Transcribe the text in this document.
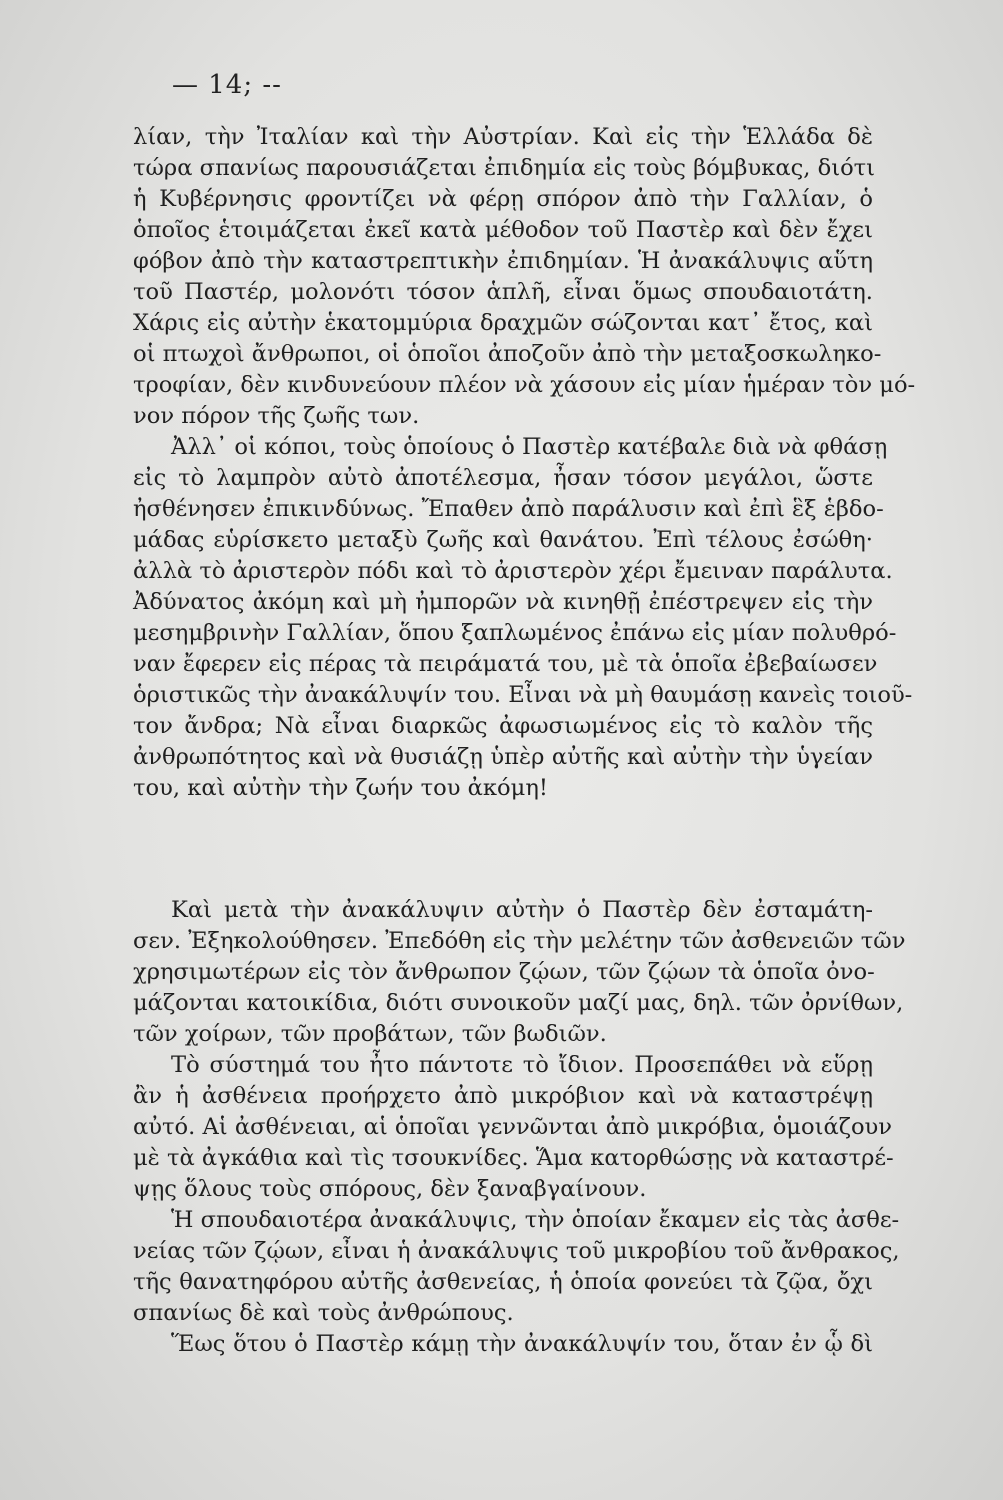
— 14; --
λίαν, τὴν Ἰταλίαν καὶ τὴν Αὐστρίαν. Καὶ εἰς τὴν Ἑλλάδα δὲ
τώρα σπανίως παρουσιάζεται ἐπιδημία εἰς τοὺς βόμβυκας, διότι
ἡ Κυβέρνησις φροντίζει νὰ φέρῃ σπόρον ἀπὸ τὴν Γαλλίαν, ὁ
ὁποῖος ἑτοιμάζεται ἐκεῖ κατὰ μέθοδον τοῦ Παστὲρ καὶ δὲν ἔχει
φόβον ἀπὸ τὴν καταστρεπτικὴν ἐπιδημίαν. Ἡ ἀνακάλυψις αὕτη
τοῦ Παστέρ, μολονότι τόσον ἁπλῆ, εἶναι ὅμως σπουδαιοτάτη.
Χάρις εἰς αὐτὴν ἑκατομμύρια δραχμῶν σώζονται κατ᾽ ἔτος, καὶ
οἱ πτωχοὶ ἄνθρωποι, οἱ ὁποῖοι ἀποζοῦν ἀπὸ τὴν μεταξοσκωληκο-
τροφίαν, δὲν κινδυνεύουν πλέον νὰ χάσουν εἰς μίαν ἡμέραν τὸν μό-
νον πόρον τῆς ζωῆς των.
Ἀλλ᾽ οἱ κόποι, τοὺς ὁποίους ὁ Παστὲρ κατέβαλε διὰ νὰ φθάσῃ
εἰς τὸ λαμπρὸν αὐτὸ ἀποτέλεσμα, ἦσαν τόσον μεγάλοι, ὥστε
ἠσθένησεν ἐπικινδύνως. Ἔπαθεν ἀπὸ παράλυσιν καὶ ἐπὶ ἓξ ἑβδο-
μάδας εὑρίσκετο μεταξὺ ζωῆς καὶ θανάτου. Ἐπὶ τέλους ἐσώθη·
ἀλλὰ τὸ ἀριστερὸν πόδι καὶ τὸ ἀριστερὸν χέρι ἔμειναν παράλυτα.
Ἀδύνατος ἀκόμη καὶ μὴ ἠμπορῶν νὰ κινηθῇ ἐπέστρεψεν εἰς τὴν
μεσημβρινὴν Γαλλίαν, ὅπου ξαπλωμένος ἐπάνω εἰς μίαν πολυθρό-
ναν ἔφερεν εἰς πέρας τὰ πειράματά του, μὲ τὰ ὁποῖα ἐβεβαίωσεν
ὁριστικῶς τὴν ἀνακάλυψίν του. Εἶναι νὰ μὴ θαυμάσῃ κανεὶς τοιοῦ-
τον ἄνδρα; Νὰ εἶναι διαρκῶς ἀφωσιωμένος εἰς τὸ καλὸν τῆς
ἀνθρωπότητος καὶ νὰ θυσιάζῃ ὑπὲρ αὐτῆς καὶ αὐτὴν τὴν ὑγείαν
του, καὶ αὐτὴν τὴν ζωήν του ἀκόμη!
Καὶ μετὰ τὴν ἀνακάλυψιν αὐτὴν ὁ Παστὲρ δὲν ἐσταμάτη-
σεν. Ἐξηκολούθησεν. Ἐπεδόθη εἰς τὴν μελέτην τῶν ἀσθενειῶν τῶν
χρησιμωτέρων εἰς τὸν ἄνθρωπον ζῴων, τῶν ζῴων τὰ ὁποῖα ὀνο-
μάζονται κατοικίδια, διότι συνοικοῦν μαζί μας, δηλ. τῶν ὀρνίθων,
τῶν χοίρων, τῶν προβάτων, τῶν βωδιῶν.
Τὸ σύστημά του ἦτο πάντοτε τὸ ἴδιον. Προσεπάθει νὰ εὕρῃ
ἂν ἡ ἀσθένεια προήρχετο ἀπὸ μικρόβιον καὶ νὰ καταστρέψῃ
αὐτό. Αἱ ἀσθένειαι, αἱ ὁποῖαι γεννῶνται ἀπὸ μικρόβια, ὁμοιάζουν
μὲ τὰ ἀγκάθια καὶ τὶς τσουκνίδες. Ἅμα κατορθώσῃς νὰ καταστρέ-
ψῃς ὅλους τοὺς σπόρους, δὲν ξαναβγαίνουν.
Ἡ σπουδαιοτέρα ἀνακάλυψις, τὴν ὁποίαν ἔκαμεν εἰς τὰς ἀσθε-
νείας τῶν ζῴων, εἶναι ἡ ἀνακάλυψις τοῦ μικροβίου τοῦ ἄνθρακος,
τῆς θανατηφόρου αὐτῆς ἀσθενείας, ἡ ὁποία φονεύει τὰ ζῷα, ὄχι
σπανίως δὲ καὶ τοὺς ἀνθρώπους.
Ἕως ὅτου ὁ Παστὲρ κάμῃ τὴν ἀνακάλυψίν του, ὅταν ἐν ᾧ δὶ
